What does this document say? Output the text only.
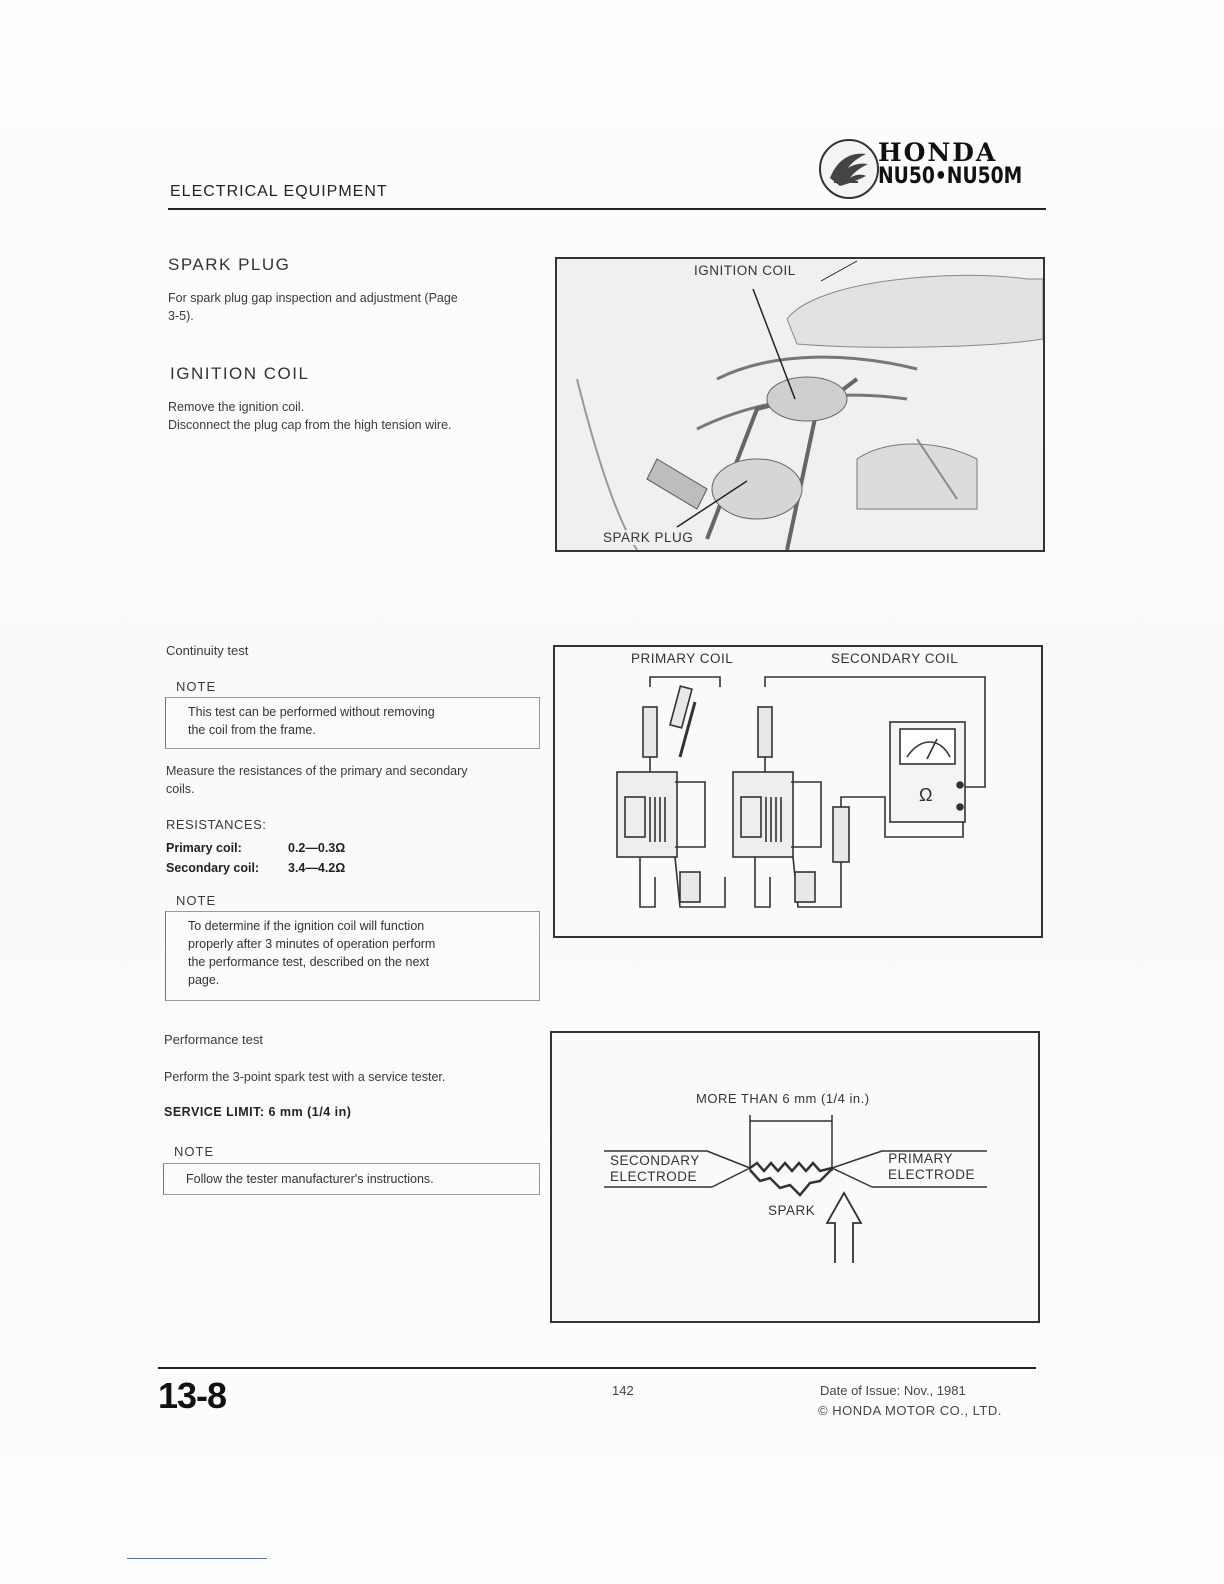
ELECTRICAL EQUIPMENT
HONDA
NU50•NU50M
SPARK PLUG
For spark plug gap inspection and adjustment (Page
3-5).
IGNITION COIL
Remove the ignition coil.
Disconnect the plug cap from the high tension wire.
IGNITION COIL
SPARK PLUG
Continuity test
NOTE
This test can be performed without removing
the coil from the frame.
Measure the resistances of the primary and secondary
coils.
RESISTANCES:
Primary coil:	0.2—0.3Ω
Secondary coil: 3.4—4.2Ω
NOTE
To determine if the ignition coil will function
properly after 3 minutes of operation perform
the performance test, described on the next
page.
PRIMARY COIL	SECONDARY COIL
Ω
Performance test
Perform the 3-point spark test with a service tester.
SERVICE LIMIT: 6 mm (1/4 in)
NOTE
Follow the tester manufacturer's instructions.
MORE THAN 6 mm (1/4 in.)
SECONDARY
ELECTRODE
PRIMARY
ELECTRODE
SPARK
13-8	142	Date of Issue: Nov., 1981
© HONDA MOTOR CO., LTD.
